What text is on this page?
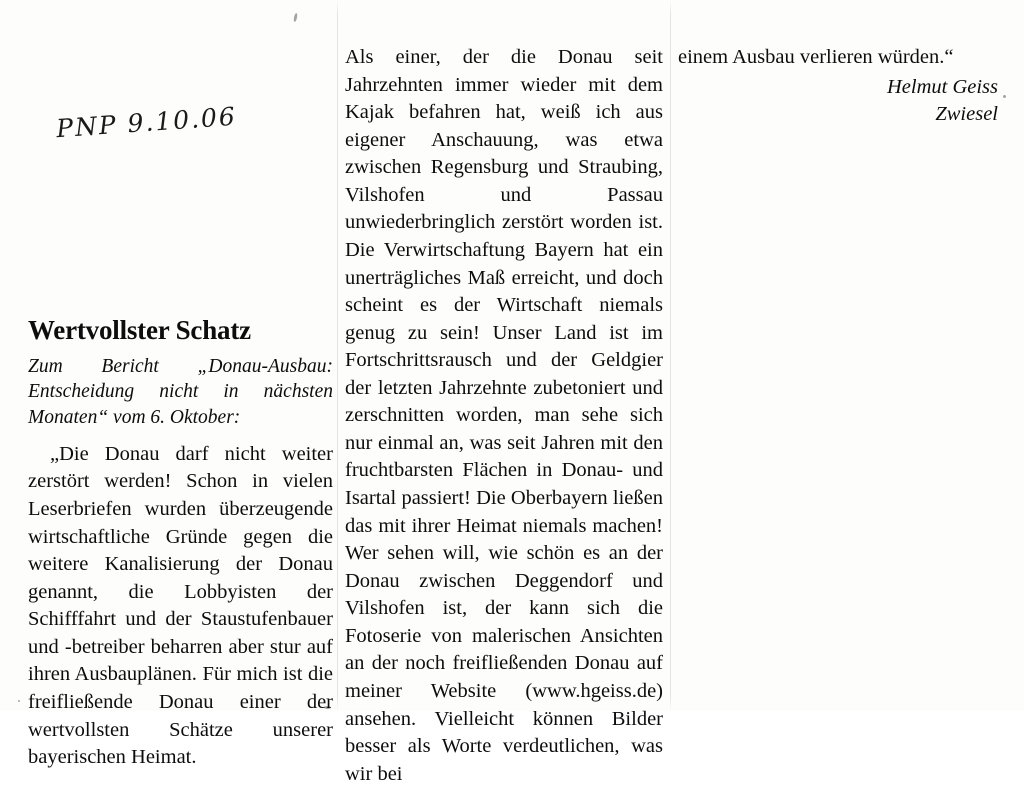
PNP 9.10.06
Wertvollster Schatz

Zum Bericht „Donau-Ausbau: Entscheidung nicht in nächsten Monaten“ vom 6. Oktober:

„Die Donau darf nicht weiter zerstört werden! Schon in vielen Leserbriefen wurden überzeugende wirtschaftliche Gründe gegen die weitere Kanalisierung der Donau genannt, die Lobbyisten der Schifffahrt und der Staustufenbauer und -betreiber beharren aber stur auf ihren Ausbauplänen. Für mich ist die freifließende Donau einer der wertvollsten Schätze unserer bayerischen Heimat.

Als einer, der die Donau seit Jahrzehnten immer wieder mit dem Kajak befahren hat, weiß ich aus eigener Anschauung, was etwa zwischen Regensburg und Straubing, Vilshofen und Passau unwiederbringlich zerstört worden ist. Die Verwirtschaftung Bayern hat ein unerträgliches Maß erreicht, und doch scheint es der Wirtschaft niemals genug zu sein! Unser Land ist im Fortschrittsrausch und der Geldgier der letzten Jahrzehnte zubetoniert und zerschnitten worden, man sehe sich nur einmal an, was seit Jahren mit den fruchtbarsten Flächen in Donau- und Isartal passiert! Die Oberbayern ließen das mit ihrer Heimat niemals machen! Wer sehen will, wie schön es an der Donau zwischen Deggendorf und Vilshofen ist, der kann sich die Fotoserie von malerischen Ansichten an der noch freifließenden Donau auf meiner Website (www.hgeiss.de) ansehen. Vielleicht können Bilder besser als Worte verdeutlichen, was wir bei

einem Ausbau verlieren würden.“

Helmut Geiss
Zwiesel
